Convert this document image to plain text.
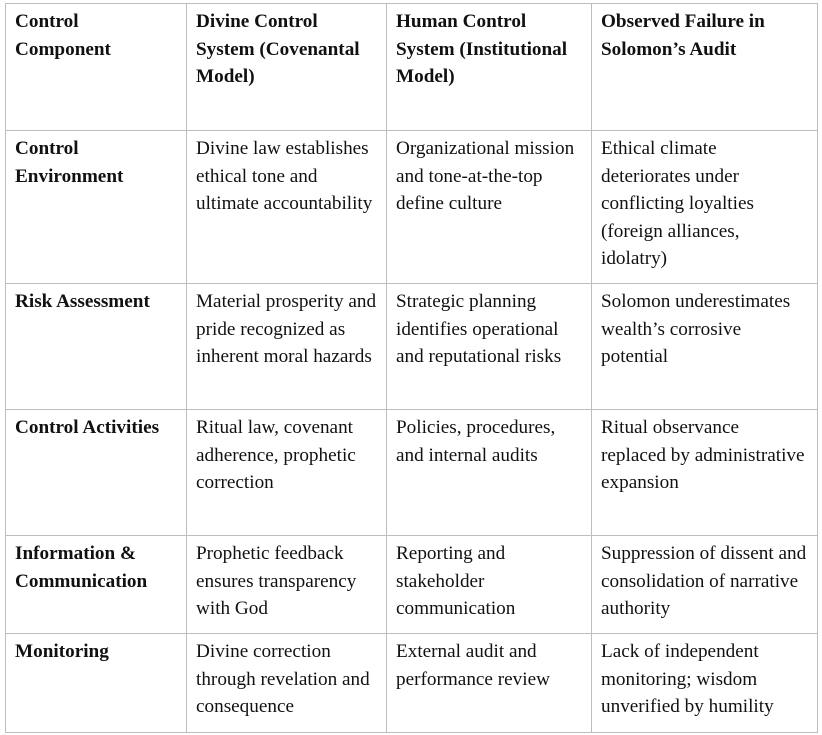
Control Component	Divine Control System (Covenantal Model)	Human Control System (Institutional Model)	Observed Failure in Solomon’s Audit
Control Environment	Divine law establishes ethical tone and ultimate accountability	Organizational mission and tone-at-the-top define culture	Ethical climate deteriorates under conflicting loyalties (foreign alliances, idolatry)
Risk Assessment	Material prosperity and pride recognized as inherent moral hazards	Strategic planning identifies operational and reputational risks	Solomon underestimates wealth’s corrosive potential
Control Activities	Ritual law, covenant adherence, prophetic correction	Policies, procedures, and internal audits	Ritual observance replaced by administrative expansion
Information & Communication	Prophetic feedback ensures transparency with God	Reporting and stakeholder communication	Suppression of dissent and consolidation of narrative authority
Monitoring	Divine correction through revelation and consequence	External audit and performance review	Lack of independent monitoring; wisdom unverified by humility
